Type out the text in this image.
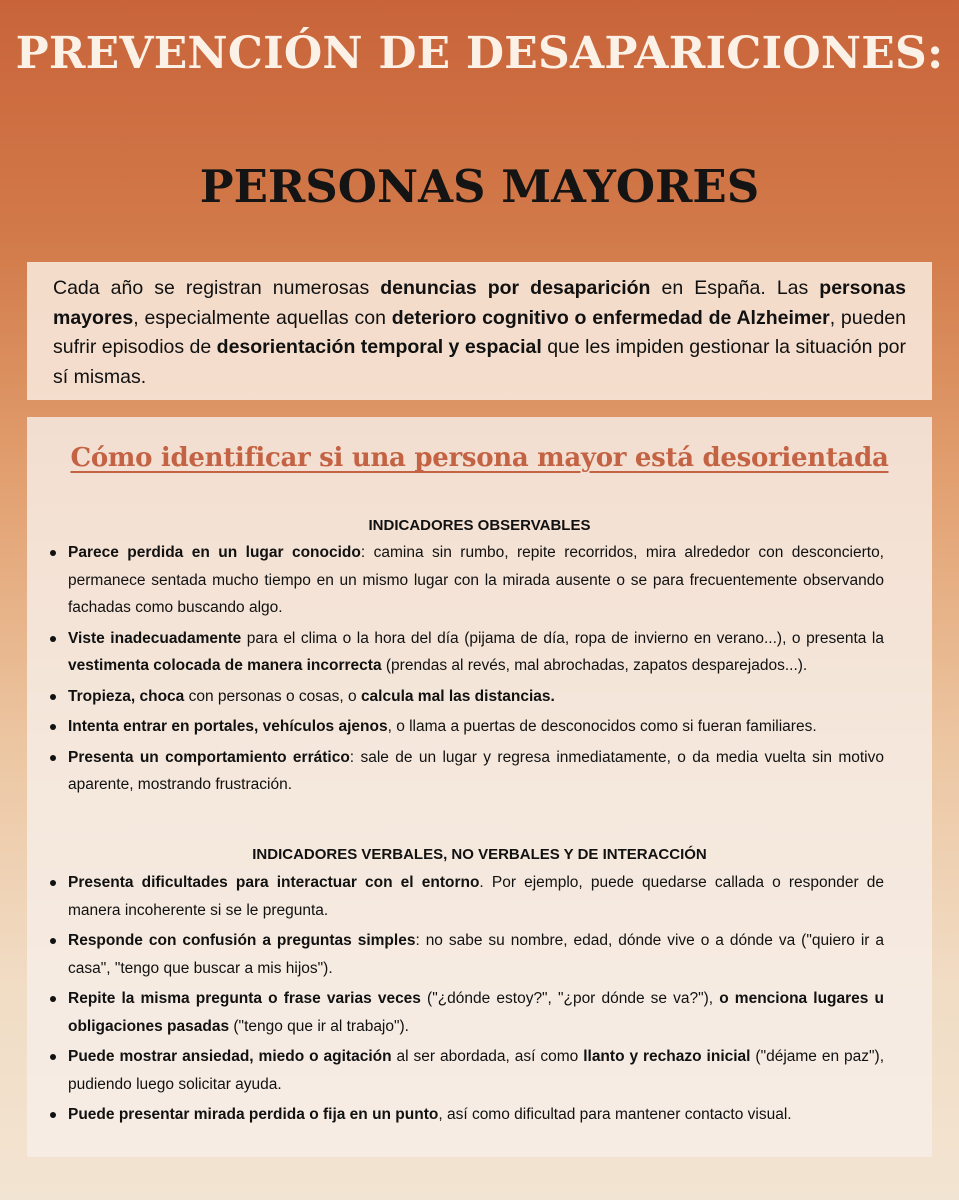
PREVENCIÓN DE DESAPARICIONES:
PERSONAS MAYORES

Cada año se registran numerosas denuncias por desaparición en España. Las personas mayores, especialmente aquellas con deterioro cognitivo o enfermedad de Alzheimer, pueden sufrir episodios de desorientación temporal y espacial que les impiden gestionar la situación por sí mismas.

Cómo identificar si una persona mayor está desorientada
INDICADORES OBSERVABLES
Parece perdida en un lugar conocido: camina sin rumbo, repite recorridos, mira alrededor con desconcierto, permanece sentada mucho tiempo en un mismo lugar con la mirada ausente o se para frecuentemente observando fachadas como buscando algo.
Viste inadecuadamente para el clima o la hora del día (pijama de día, ropa de invierno en verano...), o presenta la vestimenta colocada de manera incorrecta (prendas al revés, mal abrochadas, zapatos desparejados...).
Tropieza, choca con personas o cosas, o calcula mal las distancias.
Intenta entrar en portales, vehículos ajenos, o llama a puertas de desconocidos como si fueran familiares.
Presenta un comportamiento errático: sale de un lugar y regresa inmediatamente, o da media vuelta sin motivo aparente, mostrando frustración.
INDICADORES VERBALES, NO VERBALES Y DE INTERACCIÓN
Presenta dificultades para interactuar con el entorno. Por ejemplo, puede quedarse callada o responder de manera incoherente si se le pregunta.
Responde con confusión a preguntas simples: no sabe su nombre, edad, dónde vive o a dónde va ("quiero ir a casa", "tengo que buscar a mis hijos").
Repite la misma pregunta o frase varias veces ("¿dónde estoy?", "¿por dónde se va?"), o menciona lugares u obligaciones pasadas ("tengo que ir al trabajo").
Puede mostrar ansiedad, miedo o agitación al ser abordada, así como llanto y rechazo inicial ("déjame en paz"), pudiendo luego solicitar ayuda.
Puede presentar mirada perdida o fija en un punto, así como dificultad para mantener contacto visual.
